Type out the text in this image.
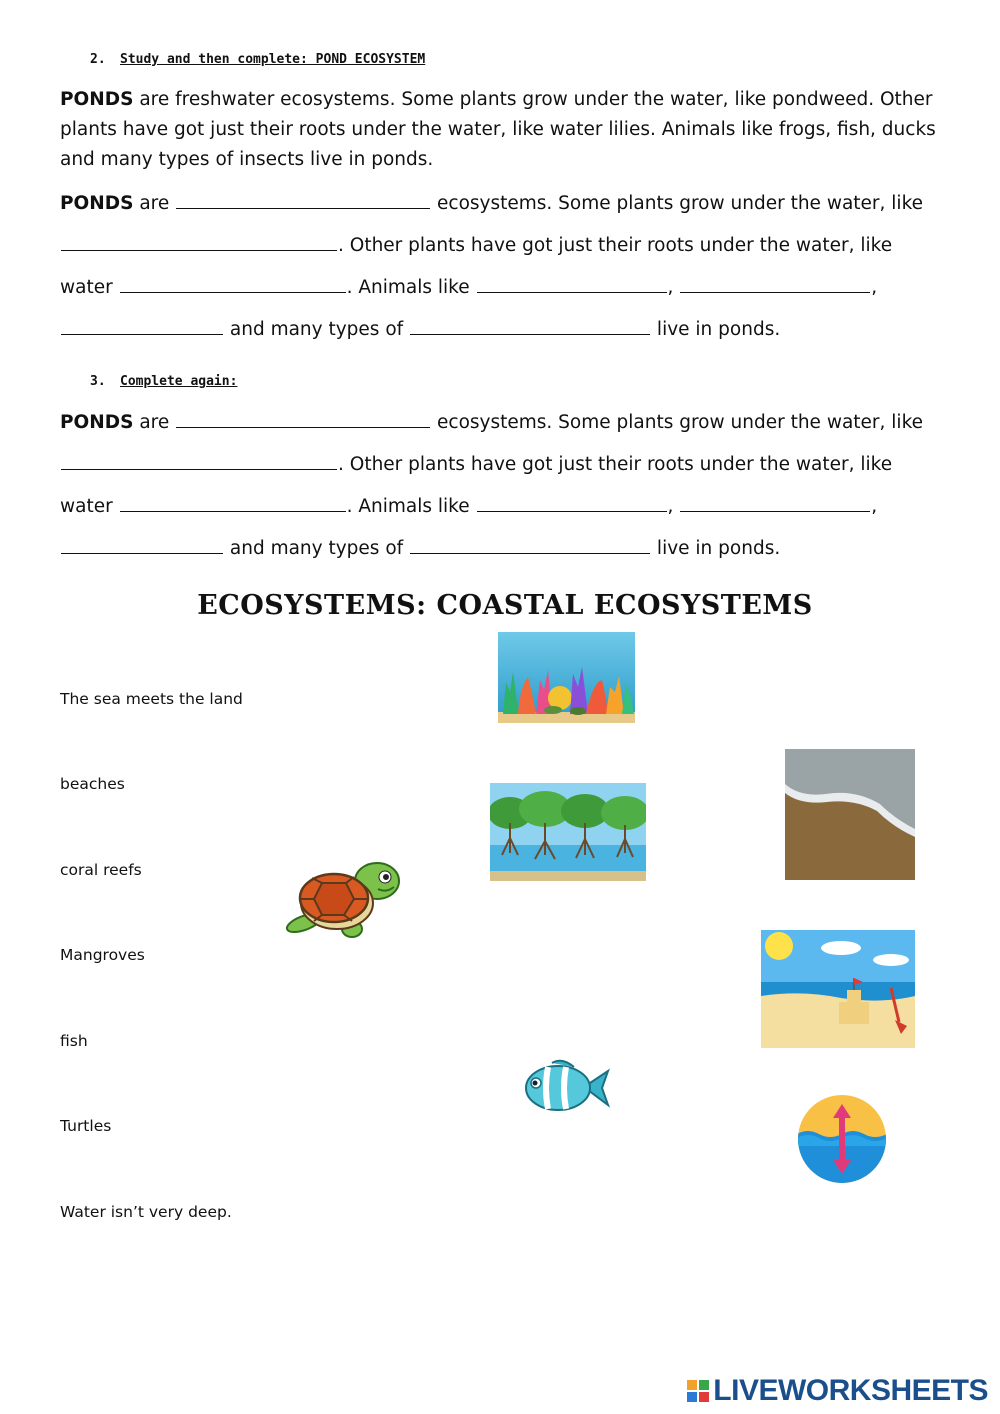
2. Study and then complete: POND ECOSYSTEM
PONDS are freshwater ecosystems. Some plants grow under the water, like pondweed. Other plants have got just their roots under the water, like water lilies. Animals like frogs, fish, ducks and many types of insects live in ponds.
PONDS are	ecosystems. Some plants grow under the water, like
. Other plants have got just their roots under the water, like
water	. Animals like	,	,
and many types of	live in ponds.
3. Complete again:
PONDS are	ecosystems. Some plants grow under the water, like
. Other plants have got just their roots under the water, like
water	. Animals like	,	,
and many types of	live in ponds.
ECOSYSTEMS: COASTAL ECOSYSTEMS
The sea meets the land
beaches
coral reefs
Mangroves
fish
Turtles
Water isn’t very deep.
LIVEWORKSHEETS
